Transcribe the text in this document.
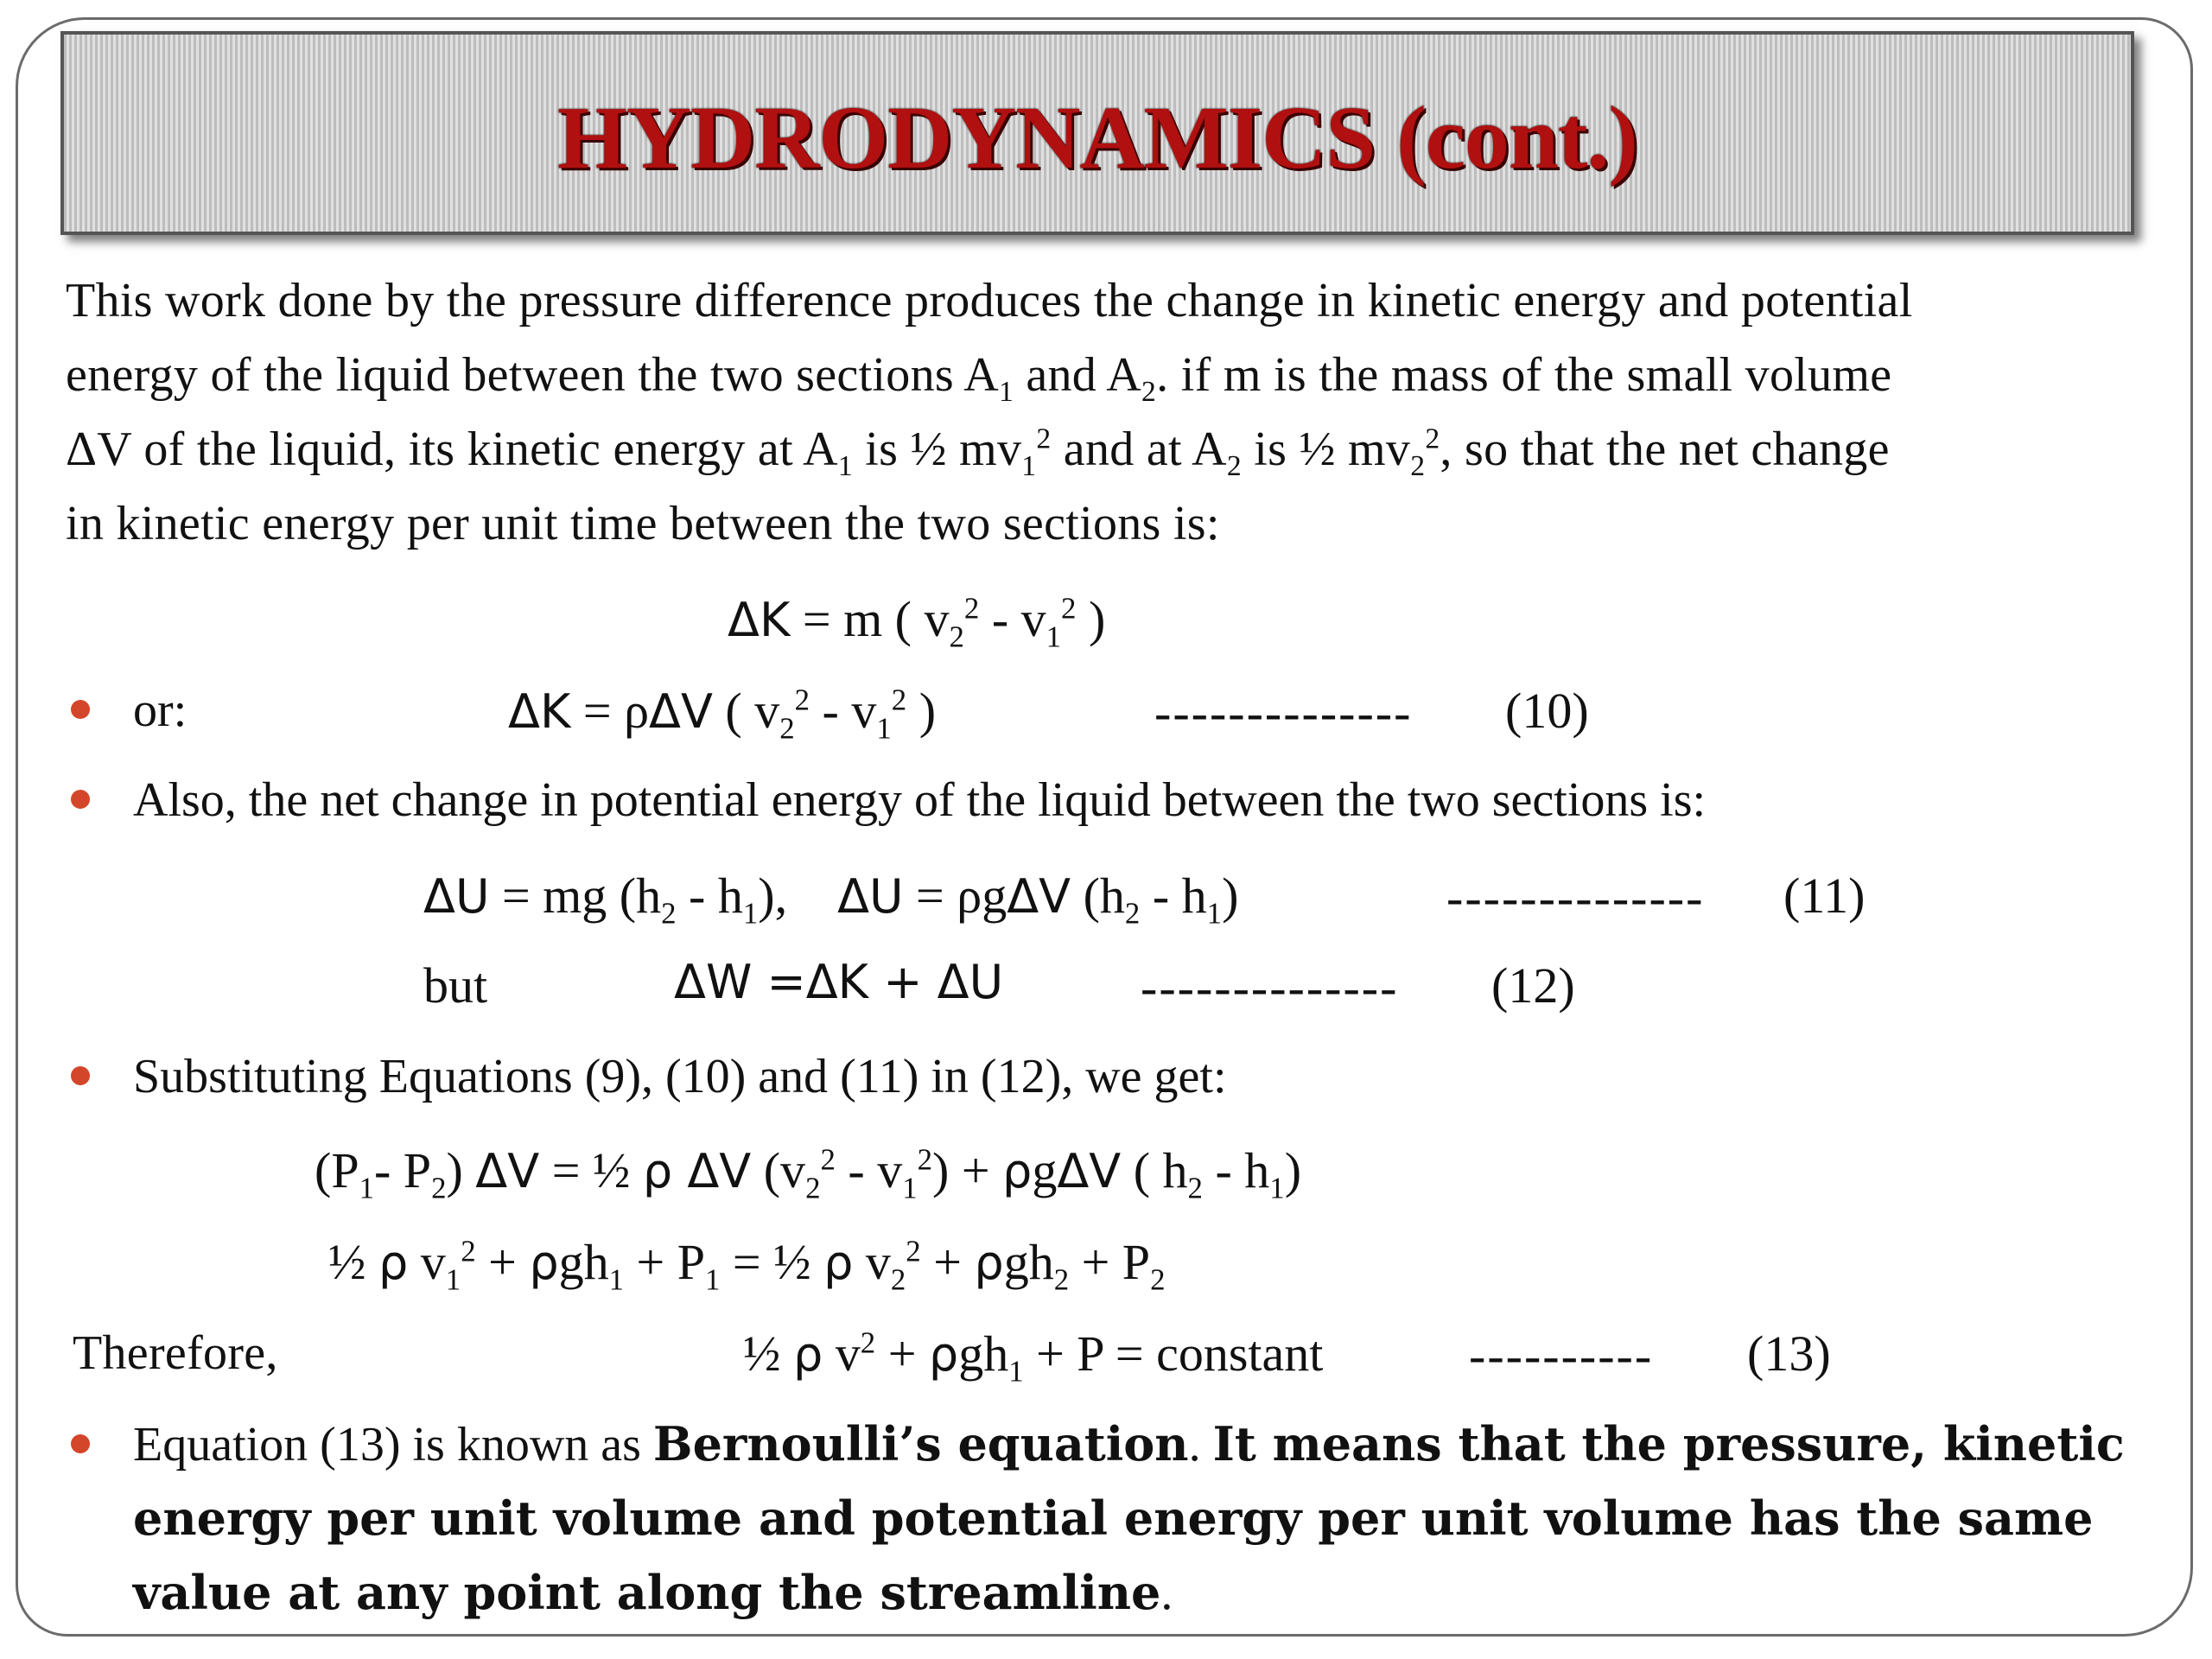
HYDRODYNAMICS (cont.)
This work done by the pressure difference produces the change in kinetic energy and potential
energy of the liquid between the two sections $A_1$ and $A_2$. if m is the mass of the small volume
ΔV of the liquid, its kinetic energy at $A_1$ is ½ $mv_1^2$ and at $A_2$ is ½ $mv_2^2$, so that the net change
in kinetic energy per unit time between the two sections is:
ΔK = m ( $v_2^2 - v_1^2$ )
or:	ΔK = ρΔV ( $v_2^2 - v_1^2$ )	-------------- (10)
Also, the net change in potential energy of the liquid between the two sections is:
ΔU = mg $(h_2 - h_1)$, ΔU = ρgΔV $(h_2 - h_1)$	-------------- (11)
but	ΔW =ΔK + ΔU	-------------- (12)
Substituting Equations (9), (10) and (11) in (12), we get:
($P_1-$ $P_2$) ΔV = ½ ρ ΔV $(v_2^2 - v_1^2) + \rho g\Delta V$ ( $h_2 - h_1$)
½ ρ $v_1^2 + \rho gh_1 + P_1$ = ½ ρ $v_2^2 + \rho gh_2 + P_2$
Therefore,	½ ρ $v^2 + \rho gh_1 + P$ = constant	---------- (13)
Equation (13) is known as Bernoulli’s equation. It means that the pressure, kinetic
energy per unit volume and potential energy per unit volume has the same
value at any point along the streamline.
